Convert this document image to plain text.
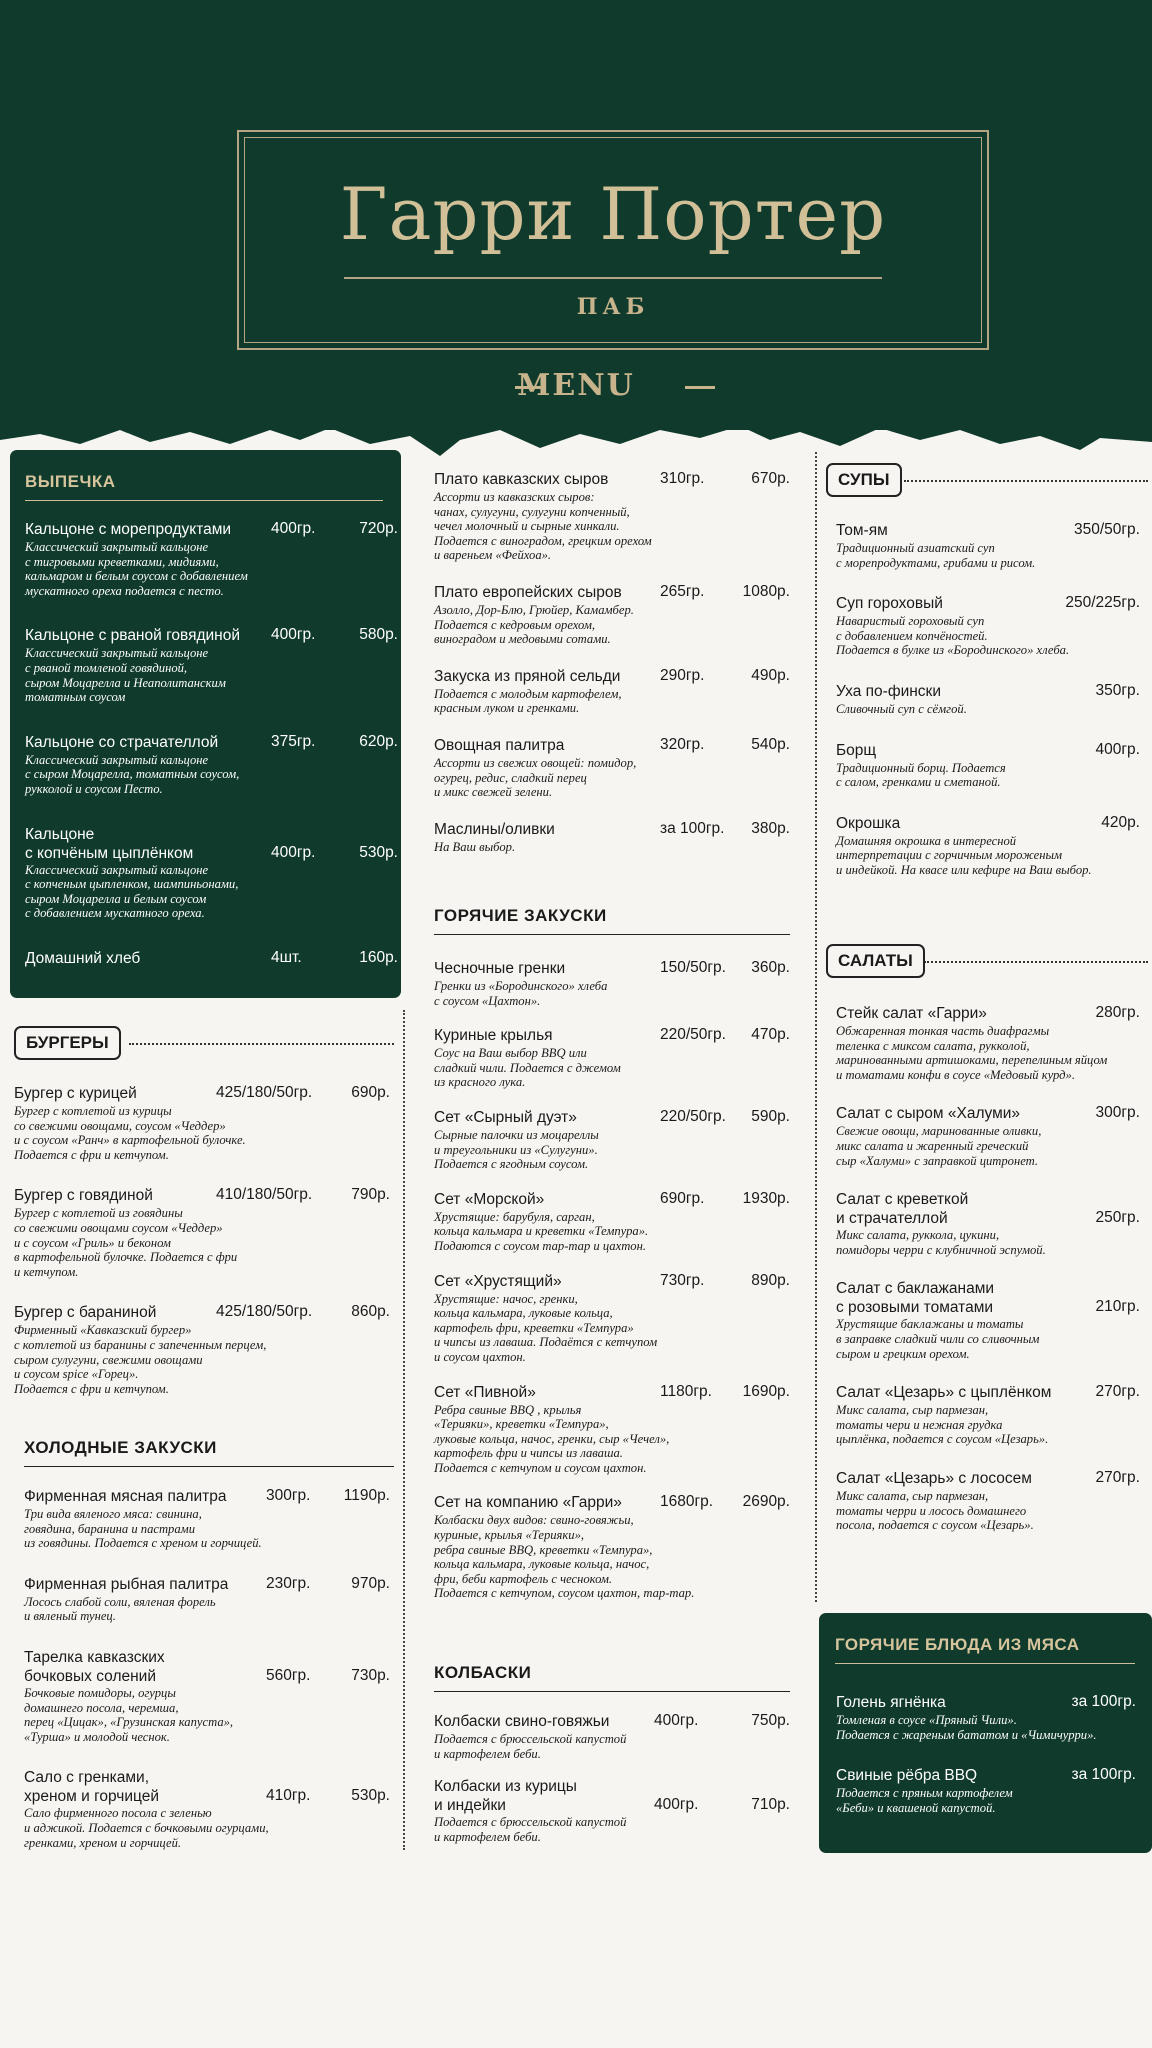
Гарри Портер
ПАБ
MENU
ВЫПЕЧКА
Кальцоне с морепродуктами	400гр.	720р.
Классический закрытый кальцоне
с тигровыми креветками, мидиями,
кальмаром и белым соусом с добавлением
мускатного ореха подается с песто.
Кальцоне с рваной говядиной	400гр.	580р.
Классический закрытый кальцоне
с рваной томленой говядиной,
сыром Моцарелла и Неаполитанским
томатным соусом
Кальцоне со страчателлой	375гр.	620р.
Классический закрытый кальцоне
с сыром Моцарелла, томатным соусом,
рукколой и соусом Песто.
Кальцоне
с копчёным цыплёнком	400гр.	530р.
Классический закрытый кальцоне
с копченым цыпленком, шампиньонами,
сыром Моцарелла и белым соусом
с добавлением мускатного ореха.
Домашний хлеб	4шт.	160р.
БУРГЕРЫ
Бургер с курицей	425/180/50гр.	690р.
Бургер с котлетой из курицы
со свежими овощами, соусом «Чеддер»
и с соусом «Ранч» в картофельной булочке.
Подается с фри и кетчупом.
Бургер с говядиной	410/180/50гр.	790р.
Бургер с котлетой из говядины
со свежими овощами соусом «Чеддер»
и с соусом «Гриль» и беконом
в картофельной булочке. Подается с фри
и кетчупом.
Бургер с бараниной	425/180/50гр.	860р.
Фирменный «Кавказский бургер»
с котлетой из баранины с запеченным перцем,
сыром сулугуни, свежими овощами
и соусом spice «Горец».
Подается с фри и кетчупом.
ХОЛОДНЫЕ ЗАКУСКИ
Фирменная мясная палитра	300гр. 1190р.
Три вида вяленого мяса: свинина,
говядина, баранина и пастрами
из говядины. Подается с хреном и горчицей.
Фирменная рыбная палитра	230гр.	970р.
Лосось слабой соли, вяленая форель
и вяленый тунец.
Тарелка кавказских
бочковых солений	560гр.	730р.
Бочковые помидоры, огурцы
домашнего посола, черемша,
перец «Цицак», «Грузинская капуста»,
«Турша» и молодой чеснок.
Сало с гренками,
хреном и горчицей	410гр.	530р.
Сало фирменного посола с зеленью
и аджикой. Подается с бочковыми огурцами,
гренками, хреном и горчицей.
Плато кавказских сыров	310гр.	670р.
Ассорти из кавказских сыров:
чанах, сулугуни, сулугуни копченный,
чечел молочный и сырные хинкали.
Подается с виноградом, грецким орехом
и вареньем «Фейхоа».
Плато европейских сыров	265гр. 1080р.
Азолло, Дор-Блю, Грюйер, Камамбер.
Подается с кедровым орехом,
виноградом и медовыми сотами.
Закуска из пряной сельди	290гр.	490р.
Подается с молодым картофелем,
красным луком и гренками.
Овощная палитра	320гр.	540р.
Ассорти из свежих овощей: помидор,
огурец, редис, сладкий перец
и микс свежей зелени.
Маслины/оливки	за 100гр. 380р.
На Ваш выбор.
ГОРЯЧИЕ ЗАКУСКИ
Чесночные гренки	150/50гр. 360р.
Гренки из «Бородинского» хлеба
с соусом «Цахтон».
Куриные крылья	220/50гр. 470р.
Соус на Ваш выбор BBQ или
сладкий чили. Подается с джемом
из красного лука.
Сет «Сырный дуэт»	220/50гр. 590р.
Сырные палочки из моцареллы
и треугольники из «Сулугуни».
Подается с ягодным соусом.
Сет «Морской»	690гр. 1930р.
Хрустящие: барубуля, сарган,
кольца кальмара и креветки «Темпура».
Подаются с соусом тар-тар и цахтон.
Сет «Хрустящий»	730гр.	890р.
Хрустящие: начос, гренки,
кольца кальмара, луковые кольца,
картофель фри, креветки «Темпура»
и чипсы из лаваша. Подаётся с кетчупом
и соусом цахтон.
Сет «Пивной»	1180гр. 1690р.
Ребра свиные BBQ , крылья
«Терияки», креветки «Темпура»,
луковые кольца, начос, гренки, сыр «Чечел»,
картофель фри и чипсы из лаваша.
Подается с кетчупом и соусом цахтон.
Сет на компанию «Гарри»	1680гр. 2690р.
Колбаски двух видов: свино-говяжьи,
куриные, крылья «Терияки»,
ребра свиные BBQ, креветки «Темпура»,
кольца кальмара, луковые кольца, начос,
фри, беби картофель с чесноком.
Подается с кетчупом, соусом цахтон, тар-тар.
КОЛБАСКИ
Колбаски свино-говяжьи	400гр.	750р.
Подается с брюссельской капустой
и картофелем беби.
Колбаски из курицы
и индейки	400гр.	710р.
Подается с брюссельской капустой
и картофелем беби.
СУПЫ
Том-ям	350/50гр.
Традиционный азиатский суп
с морепродуктами, грибами и рисом.
Суп гороховый	250/225гр.
Наваристый гороховый суп
с добавлением копчёностей.
Подается в булке из «Бородинского» хлеба.
Уха по-фински	350гр.
Сливочный суп с сёмгой.
Борщ	400гр.
Традиционный борщ. Подается
с салом, гренками и сметаной.
Окрошка	420р.
Домашняя окрошка в интересной
интерпретации с горчичным мороженым
и индейкой. На квасе или кефире на Ваш выбор.
САЛАТЫ
Стейк салат «Гарри»	280гр.
Обжаренная тонкая часть диафрагмы
теленка с миксом салата, рукколой,
маринованными артишоками, перепелиным яйцом
и томатами конфи в соусе «Медовый курд».
Салат с сыром «Халуми»	300гр.
Свежие овощи, маринованные оливки,
микс салата и жаренный греческий
сыр «Халуми» с заправкой цитронет.
Салат с креветкой
и страчателлой	250гр.
Микс салата, руккола, цукини,
помидоры черри с клубничной эспумой.
Салат с баклажанами
с розовыми томатами	210гр.
Хрустящие баклажаны и томаты
в заправке сладкий чили со сливочным
сыром и грецким орехом.
Салат «Цезарь» с цыплёнком	270гр.
Микс салата, сыр пармезан,
томаты чери и нежная грудка
цыплёнка, подается с соусом «Цезарь».
Салат «Цезарь» с лососем	270гр.
Микс салата, сыр пармезан,
томаты черри и лосось домашнего
посола, подается с соусом «Цезарь».
ГОРЯЧИЕ БЛЮДА ИЗ МЯСА
Голень ягнёнка	за 100гр.
Томленая в соусе «Пряный Чили».
Подается с жареным бататом и «Чимичурри».
Свиные рёбра BBQ	за 100гр.
Подается с пряным картофелем
«Беби» и квашеной капустой.
